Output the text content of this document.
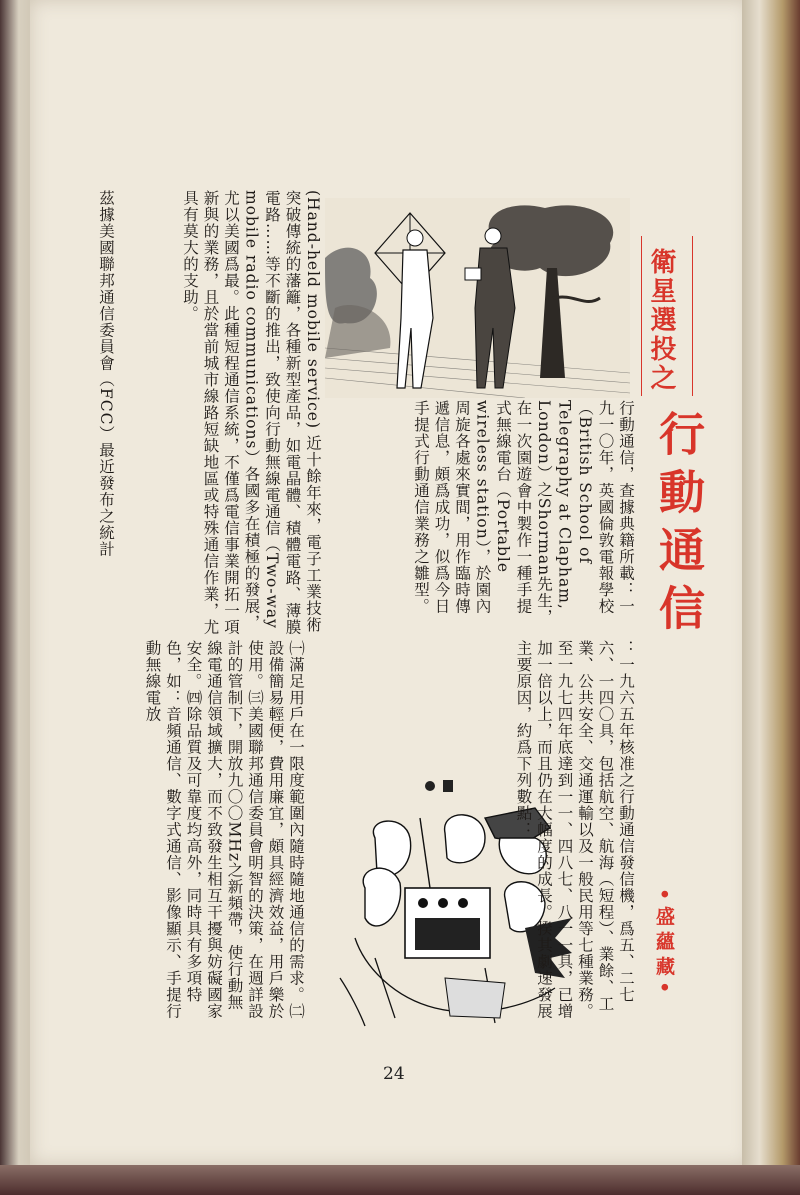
衛星選投之
行動通信
•盛蘊藏•
行動通信，查據典籍所載：一九一〇年，英國倫敦電報學校（British School of Telegraphy at Clapham, London）之Shorman先生，在一次園遊會中製作一種手提式無線電台（Portable wireless station），於園內周旋各處來實間，用作臨時傳遞信息，頗爲成功，似爲今日手提式行動通信業務之雛型。
(Hand-held mobile service) 近十餘年來，電子工業技術突破傳統的藩籬，各種新型產品，如電晶體、積體電路、薄膜電路……等不斷的推出，致使向行動無線電通信（Two-way mobile radio communications）各國多在積極的發展，尤以美國爲最。此種短程通信系統，不僅爲電信事業開拓一項新與的業務，且於當前城市線路短缺地區或特殊通信作業，尤具有莫大的支助。
茲據美國聯邦通信委員會（FCC）最近發布之統計
：一九六五年核准之行動通信發信機，爲五、二七六、一四〇具，包括航空、航海（短程）、業餘、工業、公共安全、交通運輸以及一般民用等七種業務。至一九七四年底達到一一、四八七、八一一具，已增加一倍以上，而且仍在大幅度的成長。揆其劇速發展主要原因，約爲下列數點：
㈠滿足用戶在一限度範圍內隨時隨地通信的需求。㈡設備簡易輕便，費用廉宜，頗具經濟效益，用戶樂於使用。㈢美國聯邦通信委員會明智的決策，在週詳設計的管制下，開放九〇〇MHz之新頻帶，使行動無線電通信領域擴大，而不致發生相互干擾與妨礙國家安全。㈣除品質及可靠度均高外，同時具有多項特色，如：音頻通信、數字式通信、影像顯示、手提行動無線電放
24
